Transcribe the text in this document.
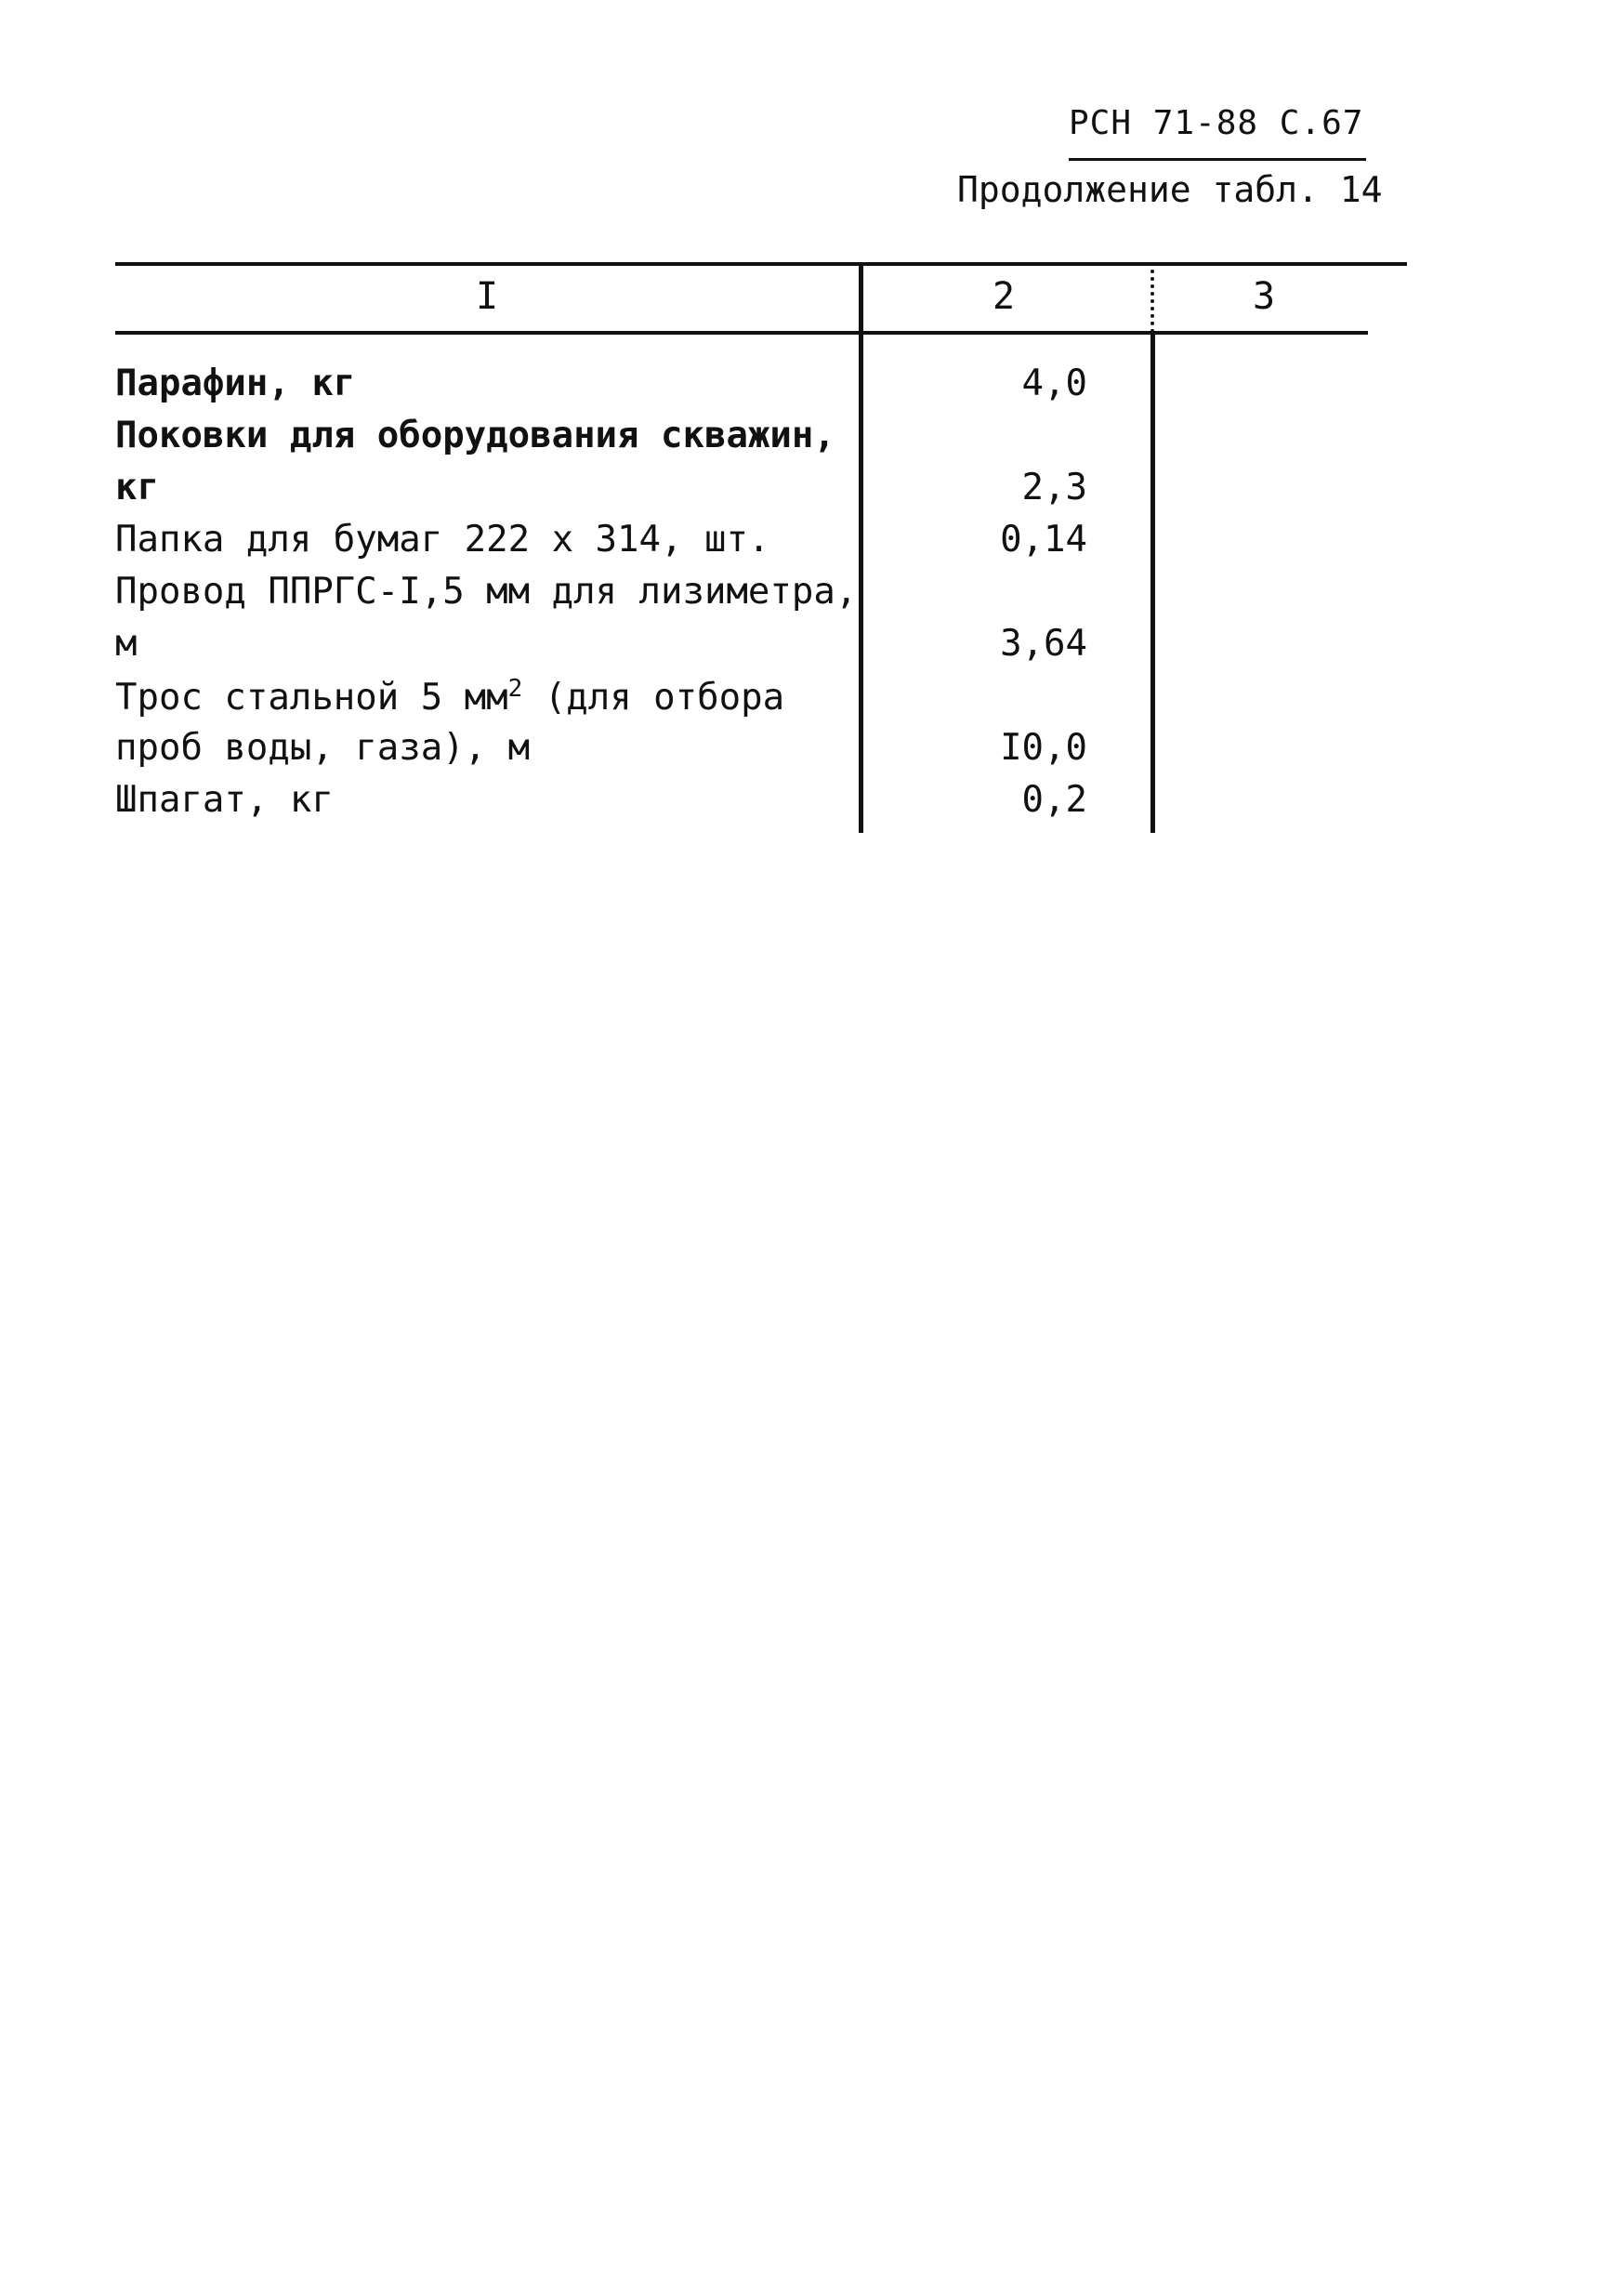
РСН 71-88 С.67
Продолжение табл. 14
I	2	3
Парафин, кг	4,0
Поковки для оборудования скважин,
кг	2,3
Папка для бумаг 222 x 314, шт.	0,14
Провод ППРГС-I,5 мм для лизиметра,
м	3,64
Трос стальной 5 $мм^2$ (для отбора
проб воды, газа), м	I0,0
Шпагат, кг	0,2
